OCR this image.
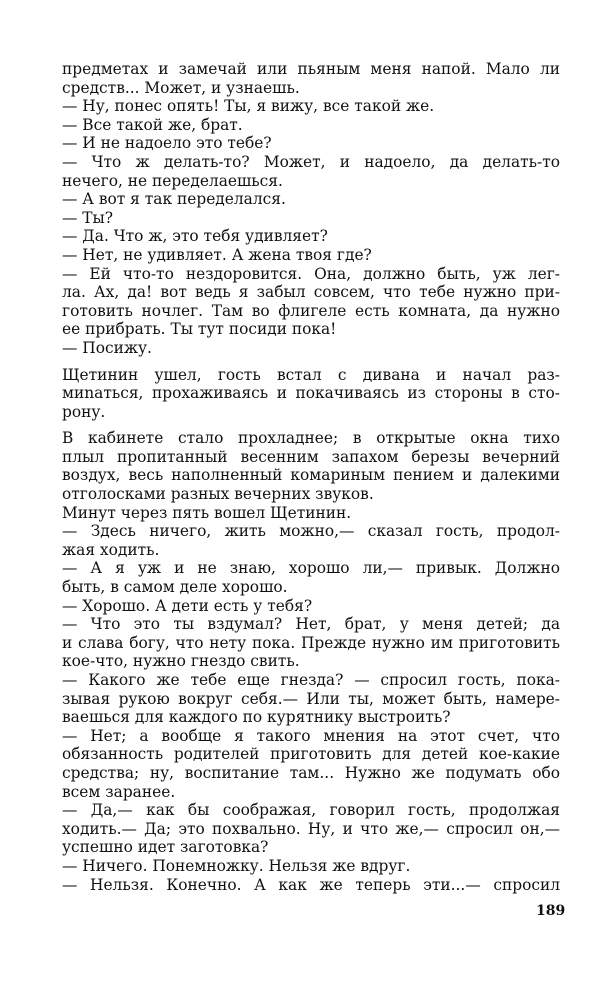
предметах и замечай или пьяным меня напой. Мало ли
средств... Может, и узнаешь.
— Ну, понес опять! Ты, я вижу, все такой же.
— Все такой же, брат.
— И не надоело это тебе?
— Что ж делать-то? Может, и надоело, да делать-то
нечего, не переделаешься.
— А вот я так переделался.
— Ты?
— Да. Что ж, это тебя удивляет?
— Нет, не удивляет. А жена твоя где?
— Ей что-то нездоровится. Она, должно быть, уж лег-
ла. Ах, да! вот ведь я забыл совсем, что тебе нужно при-
готовить ночлег. Там во флигеле есть комната, да нужно
ее прибрать. Ты тут посиди пока!
— Посижу.
Щетинин ушел, гость встал с дивана и начал раз-
миnаться, прохаживаясь и покачиваясь из стороны в сто-
рону.
В кабинете стало прохладнее; в открытые окна тихо
плыл пропитанный весенним запахом березы вечерний
воздух, весь наполненный комариным пением и далекими
отголосками разных вечерних звуков.
Минут через пять вошел Щетинин.
— Здесь ничего, жить можно,— сказал гость, продол-
жая ходить.
— А я уж и не знаю, хорошо ли,— привык. Должно
быть, в самом деле хорошо.
— Хорошо. А дети есть у тебя?
— Что это ты вздумал? Нет, брат, у меня детей; да
и слава богу, что нету пока. Прежде нужно им приготовить
кое-что, нужно гнездо свить.
— Какого же тебе еще гнезда? — спросил гость, пока-
зывая рукою вокруг себя.— Или ты, может быть, намере-
ваешься для каждого по курятнику выстроить?
— Нет; а вообще я такого мнения на этот счет, что
обязанность родителей приготовить для детей кое-какие
средства; ну, воспитание там... Нужно же подумать обо
всем заранее.
— Да,— как бы соображая, говорил гость, продолжая
ходить.— Да; это похвально. Ну, и что же,— спросил он,—
успешно идет заготовка?
— Ничего. Понемножку. Нельзя же вдруг.
— Нельзя. Конечно. А как же теперь эти...— спросил
189
